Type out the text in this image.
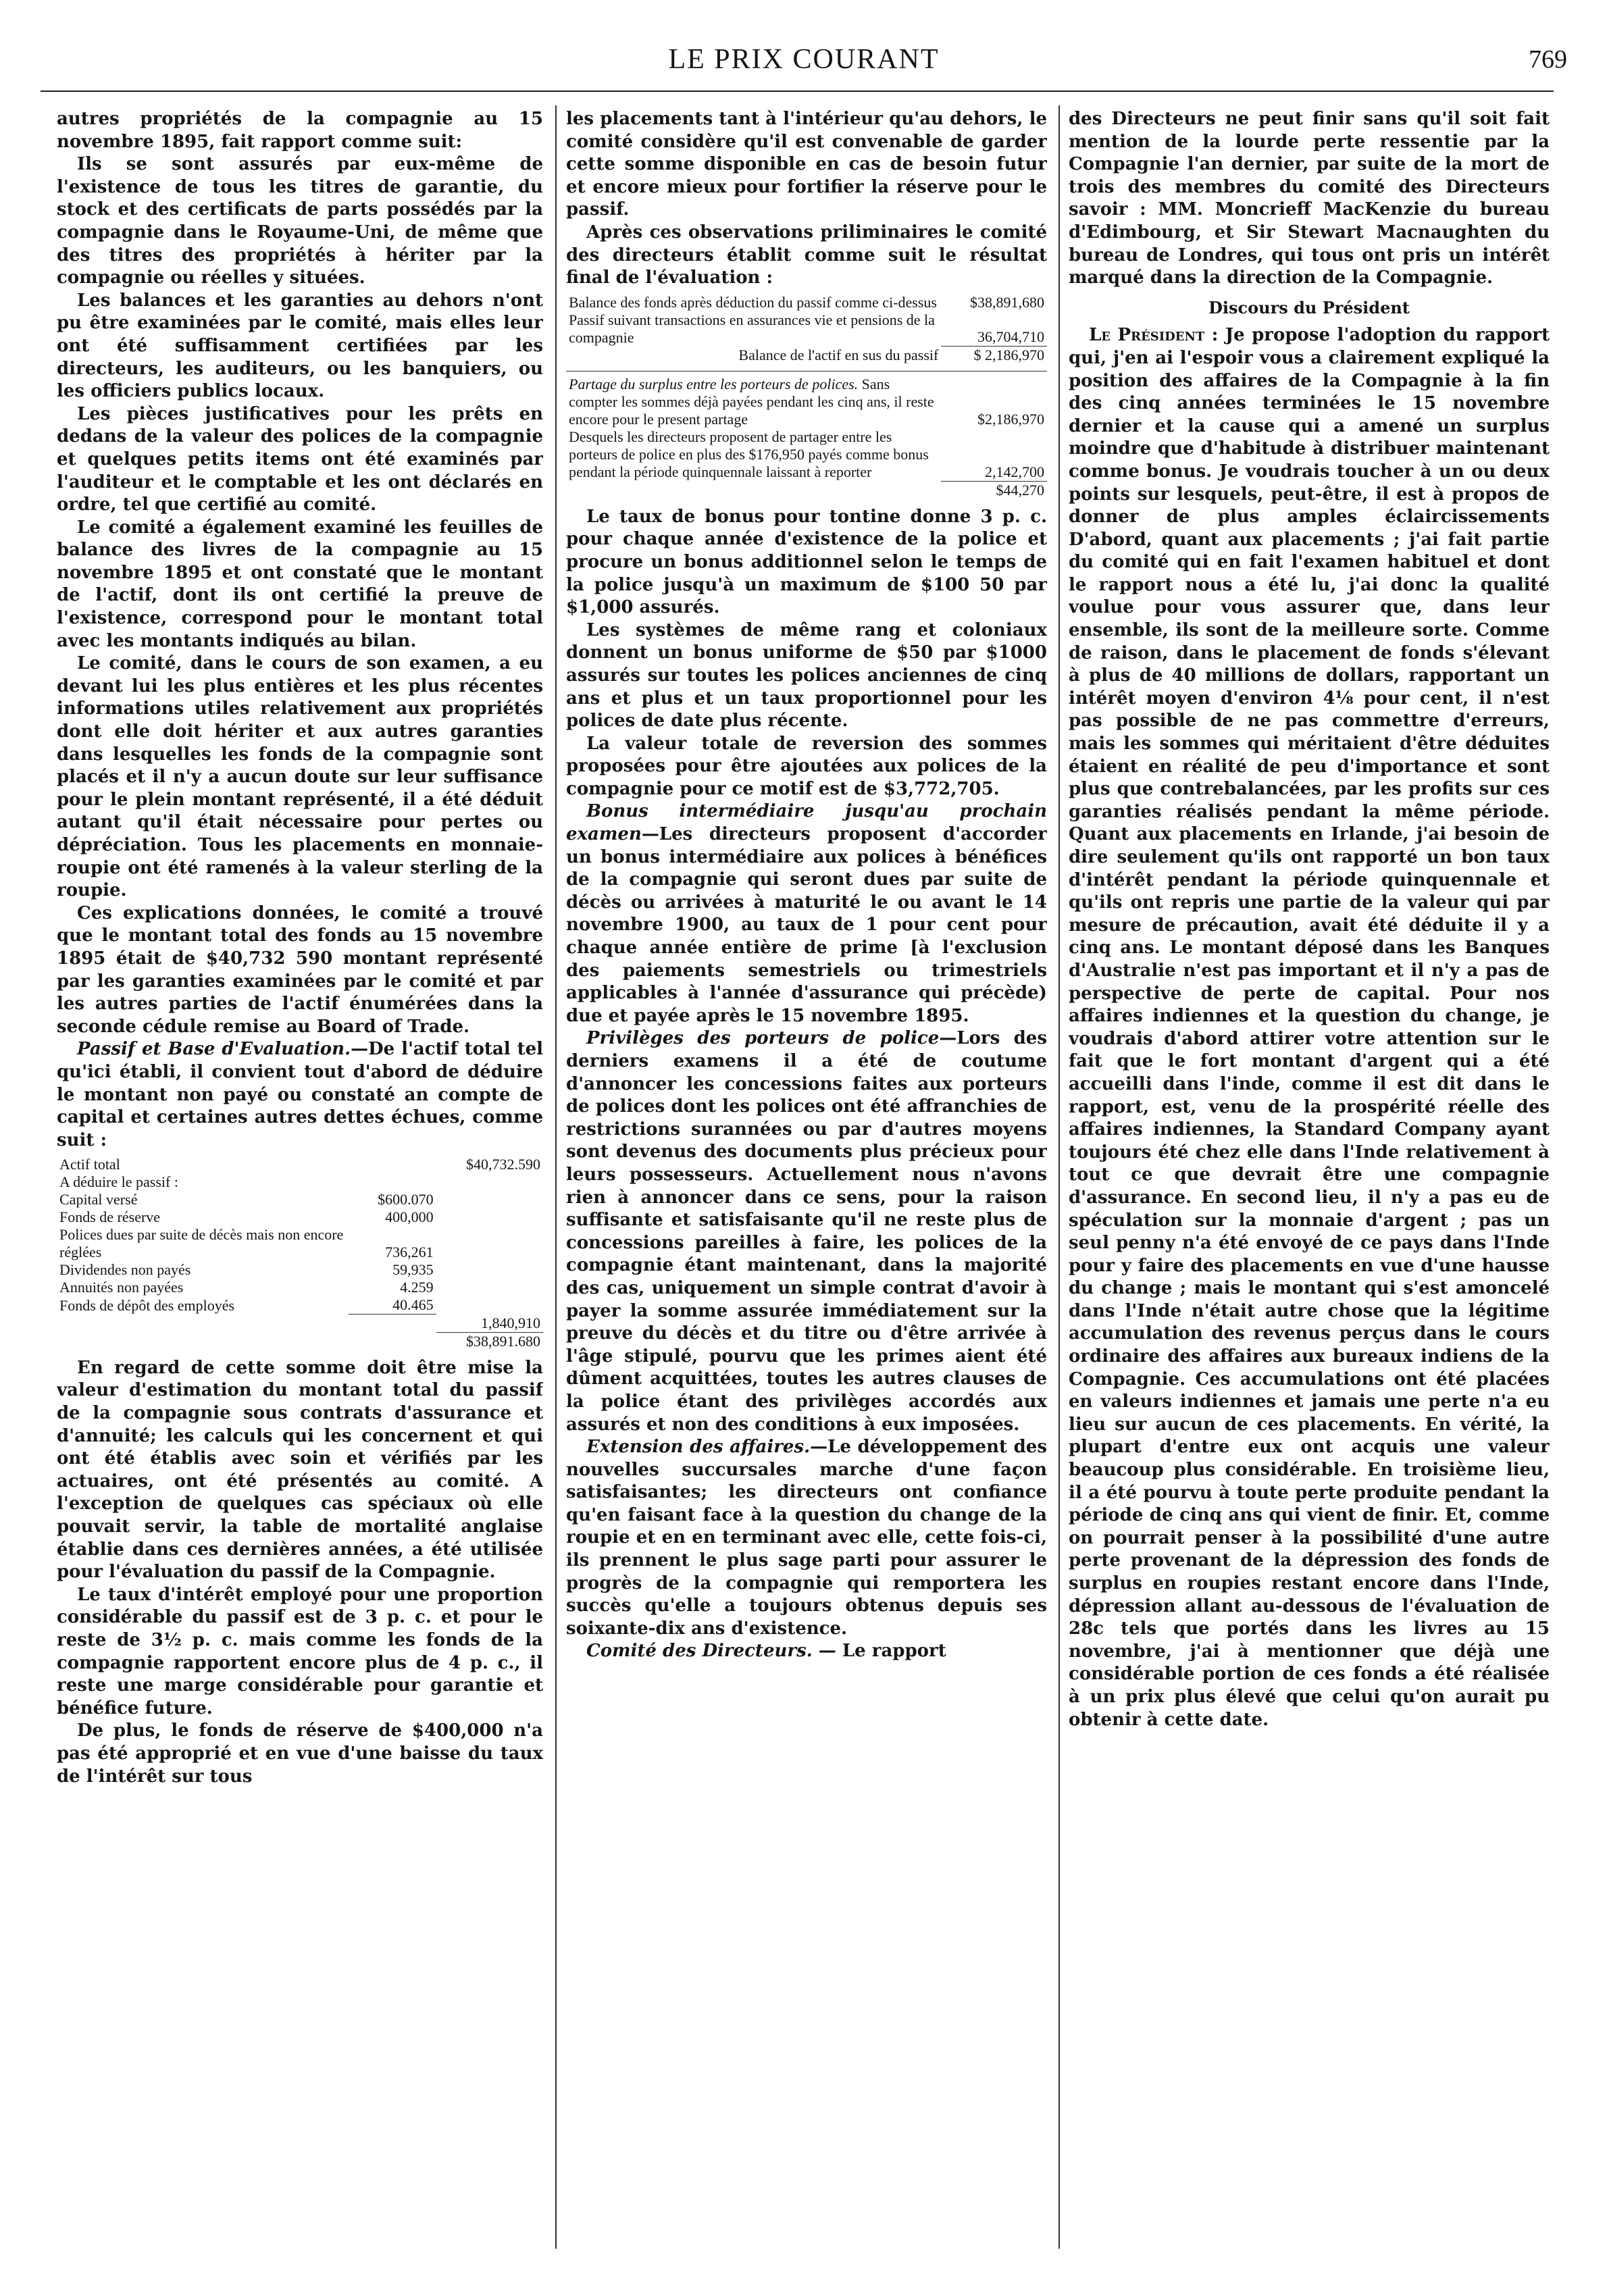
LE PRIX COURANT	769

autres propriétés de la compagnie au 15 novembre 1895, fait rapport comme suit:

Ils se sont assurés par eux-même de l'existence de tous les titres de garantie, du stock et des certificats de parts possédés par la compagnie dans le Royaume-Uni, de même que des titres des propriétés à hériter par la compagnie ou réelles y situées.

Les balances et les garanties au dehors n'ont pu être examinées par le comité, mais elles leur ont été suffisamment certifiées par les directeurs, les auditeurs, ou les banquiers, ou les officiers publics locaux.

Les pièces justificatives pour les prêts en dedans de la valeur des polices de la compagnie et quelques petits items ont été examinés par l'auditeur et le comptable et les ont déclarés en ordre, tel que certifié au comité.

Le comité a également examiné les feuilles de balance des livres de la compagnie au 15 novembre 1895 et ont constaté que le montant de l'actif, dont ils ont certifié la preuve de l'existence, correspond pour le montant total avec les montants indiqués au bilan.

Le comité, dans le cours de son examen, a eu devant lui les plus entières et les plus récentes informations utiles relativement aux propriétés dont elle doit hériter et aux autres garanties dans lesquelles les fonds de la compagnie sont placés et il n'y a aucun doute sur leur suffisance pour le plein montant représenté, il a été déduit autant qu'il était nécessaire pour pertes ou dépréciation. Tous les placements en monnaie-roupie ont été ramenés à la valeur sterling de la roupie.

Ces explications données, le comité a trouvé que le montant total des fonds au 15 novembre 1895 était de $40,732 590 montant représenté par les garanties examinées par le comité et par les autres parties de l'actif énumérées dans la seconde cédule remise au Board of Trade.

Passif et Base d'Evaluation.—De l'actif total tel qu'ici établi, il convient tout d'abord de déduire le montant non payé ou constaté an compte de capital et certaines autres dettes échues, comme suit :

Actif total		$40,732.590
A déduire le passif :		
Capital versé	$600.070	
Fonds de réserve	400,000	
Polices dues par suite de décès mais non encore réglées	736,261	
Dividendes non payés	59,935	
Annuités non payées	4.259	
Fonds de dépôt des employés	40.465	
		1,840,910
		$38,891.680

En regard de cette somme doit être mise la valeur d'estimation du montant total du passif de la compagnie sous contrats d'assurance et d'annuité; les calculs qui les concernent et qui ont été établis avec soin et vérifiés par les actuaires, ont été présentés au comité. A l'exception de quelques cas spéciaux où elle pouvait servir, la table de mortalité anglaise établie dans ces dernières années, a été utilisée pour l'évaluation du passif de la Compagnie.

Le taux d'intérêt employé pour une proportion considérable du passif est de 3 p. c. et pour le reste de 3½ p. c. mais comme les fonds de la compagnie rapportent encore plus de 4 p. c., il reste une marge considérable pour garantie et bénéfice future.

De plus, le fonds de réserve de $400,000 n'a pas été approprié et en vue d'une baisse du taux de l'intérêt sur tous

les placements tant à l'intérieur qu'au dehors, le comité considère qu'il est convenable de garder cette somme disponible en cas de besoin futur et encore mieux pour fortifier la réserve pour le passif.

Après ces observations priliminaires le comité des directeurs établit comme suit le résultat final de l'évaluation :

Balance des fonds après déduction du passif comme ci-dessus	$38,891,680
Passif suivant transactions en assurances vie et pensions de la compagnie	36,704,710
Balance de l'actif en sus du passif	$ 2,186,970
Partage du surplus entre les porteurs de polices. Sans compter les sommes déjà payées pendant les cinq ans, il reste encore pour le present partage	$2,186,970
Desquels les directeurs proposent de partager entre les porteurs de police en plus des $176,950 payés comme bonus pendant la période quinquennale laissant à reporter	2,142,700
	$44,270

Le taux de bonus pour tontine donne 3 p. c. pour chaque année d'existence de la police et procure un bonus additionnel selon le temps de la police jusqu'à un maximum de $100 50 par $1,000 assurés.

Les systèmes de même rang et coloniaux donnent un bonus uniforme de $50 par $1000 assurés sur toutes les polices anciennes de cinq ans et plus et un taux proportionnel pour les polices de date plus récente.

La valeur totale de reversion des sommes proposées pour être ajoutées aux polices de la compagnie pour ce motif est de $3,772,705.

Bonus intermédiaire jusqu'au prochain examen—Les directeurs proposent d'accorder un bonus intermédiaire aux polices à bénéfices de la compagnie qui seront dues par suite de décès ou arrivées à maturité le ou avant le 14 novembre 1900, au taux de 1 pour cent pour chaque année entière de prime [à l'exclusion des paiements semestriels ou trimestriels applicables à l'année d'assurance qui précède) due et payée après le 15 novembre 1895.

Privilèges des porteurs de police—Lors des derniers examens il a été de coutume d'annoncer les concessions faites aux porteurs de polices dont les polices ont été affranchies de restrictions surannées ou par d'autres moyens sont devenus des documents plus précieux pour leurs possesseurs. Actuellement nous n'avons rien à annoncer dans ce sens, pour la raison suffisante et satisfaisante qu'il ne reste plus de concessions pareilles à faire, les polices de la compagnie étant maintenant, dans la majorité des cas, uniquement un simple contrat d'avoir à payer la somme assurée immédiatement sur la preuve du décès et du titre ou d'être arrivée à l'âge stipulé, pourvu que les primes aient été dûment acquittées, toutes les autres clauses de la police étant des privilèges accordés aux assurés et non des conditions à eux imposées.

Extension des affaires.—Le développement des nouvelles succursales marche d'une façon satisfaisantes; les directeurs ont confiance qu'en faisant face à la question du change de la roupie et en en terminant avec elle, cette fois-ci, ils prennent le plus sage parti pour assurer le progrès de la compagnie qui remportera les succès qu'elle a toujours obtenus depuis ses soixante-dix ans d'existence.

Comité des Directeurs. — Le rapport

des Directeurs ne peut finir sans qu'il soit fait mention de la lourde perte ressentie par la Compagnie l'an dernier, par suite de la mort de trois des membres du comité des Directeurs savoir : MM. Moncrieff MacKenzie du bureau d'Edimbourg, et Sir Stewart Macnaughten du bureau de Londres, qui tous ont pris un intérêt marqué dans la direction de la Compagnie.

Discours du Président

Le Président : Je propose l'adoption du rapport qui, j'en ai l'espoir vous a clairement expliqué la position des affaires de la Compagnie à la fin des cinq années terminées le 15 novembre dernier et la cause qui a amené un surplus moindre que d'habitude à distribuer maintenant comme bonus. Je voudrais toucher à un ou deux points sur lesquels, peut-être, il est à propos de donner de plus amples éclaircissements D'abord, quant aux placements ; j'ai fait partie du comité qui en fait l'examen habituel et dont le rapport nous a été lu, j'ai donc la qualité voulue pour vous assurer que, dans leur ensemble, ils sont de la meilleure sorte. Comme de raison, dans le placement de fonds s'élevant à plus de 40 millions de dollars, rapportant un intérêt moyen d'environ 4⅛ pour cent, il n'est pas possible de ne pas commettre d'erreurs, mais les sommes qui méritaient d'être déduites étaient en réalité de peu d'importance et sont plus que contrebalancées, par les profits sur ces garanties réalisés pendant la même période. Quant aux placements en Irlande, j'ai besoin de dire seulement qu'ils ont rapporté un bon taux d'intérêt pendant la période quinquennale et qu'ils ont repris une partie de la valeur qui par mesure de précaution, avait été déduite il y a cinq ans. Le montant déposé dans les Banques d'Australie n'est pas important et il n'y a pas de perspective de perte de capital. Pour nos affaires indiennes et la question du change, je voudrais d'abord attirer votre attention sur le fait que le fort montant d'argent qui a été accueilli dans l'inde, comme il est dit dans le rapport, est, venu de la prospérité réelle des affaires indiennes, la Standard Company ayant toujours été chez elle dans l'Inde relativement à tout ce que devrait être une compagnie d'assurance. En second lieu, il n'y a pas eu de spéculation sur la monnaie d'argent ; pas un seul penny n'a été envoyé de ce pays dans l'Inde pour y faire des placements en vue d'une hausse du change ; mais le montant qui s'est amoncelé dans l'Inde n'était autre chose que la légitime accumulation des revenus perçus dans le cours ordinaire des affaires aux bureaux indiens de la Compagnie. Ces accumulations ont été placées en valeurs indiennes et jamais une perte n'a eu lieu sur aucun de ces placements. En vérité, la plupart d'entre eux ont acquis une valeur beaucoup plus considérable. En troisième lieu, il a été pourvu à toute perte produite pendant la période de cinq ans qui vient de finir. Et, comme on pourrait penser à la possibilité d'une autre perte provenant de la dépression des fonds de surplus en roupies restant encore dans l'Inde, dépression allant au-dessous de l'évaluation de 28c tels que portés dans les livres au 15 novembre, j'ai à mentionner que déjà une considérable portion de ces fonds a été réalisée à un prix plus élevé que celui qu'on aurait pu obtenir à cette date.
